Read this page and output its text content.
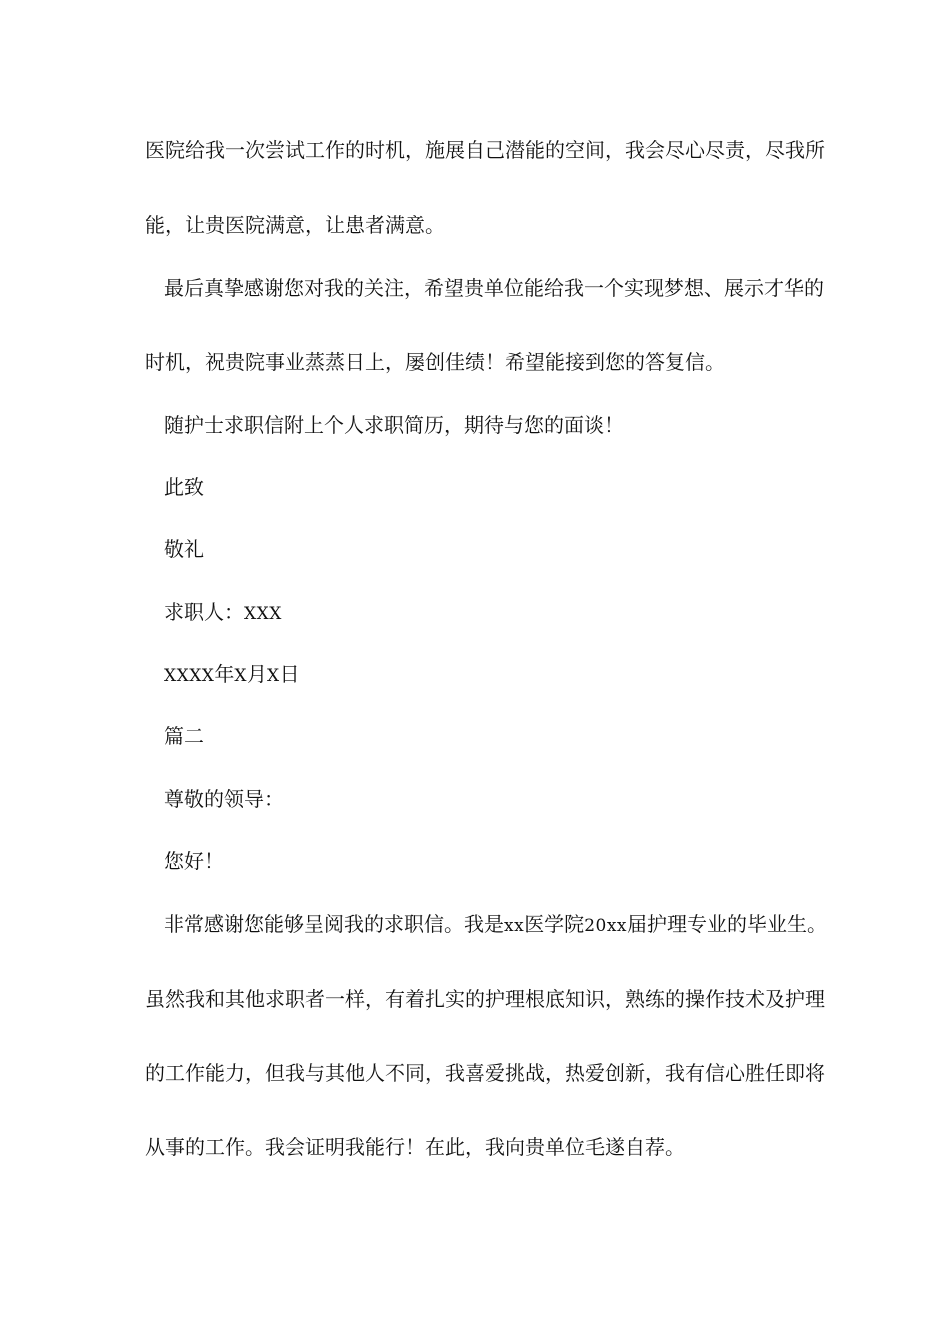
医院给我一次尝试工作的时机，施展自己潜能的空间，我会尽心尽责，尽我所

能，让贵医院满意，让患者满意。

最后真挚感谢您对我的关注，希望贵单位能给我一个实现梦想、展示才华的

时机，祝贵院事业蒸蒸日上，屡创佳绩！希望能接到您的答复信。

随护士求职信附上个人求职简历，期待与您的面谈！

此致

敬礼

求职人：XXX

XXXX年X月X日

篇二

尊敬的领导：

您好！

非常感谢您能够呈阅我的求职信。我是xx医学院20xx届护理专业的毕业生。

虽然我和其他求职者一样，有着扎实的护理根底知识，熟练的操作技术及护理

的工作能力，但我与其他人不同，我喜爱挑战，热爱创新，我有信心胜任即将

从事的工作。我会证明我能行！在此，我向贵单位毛遂自荐。
